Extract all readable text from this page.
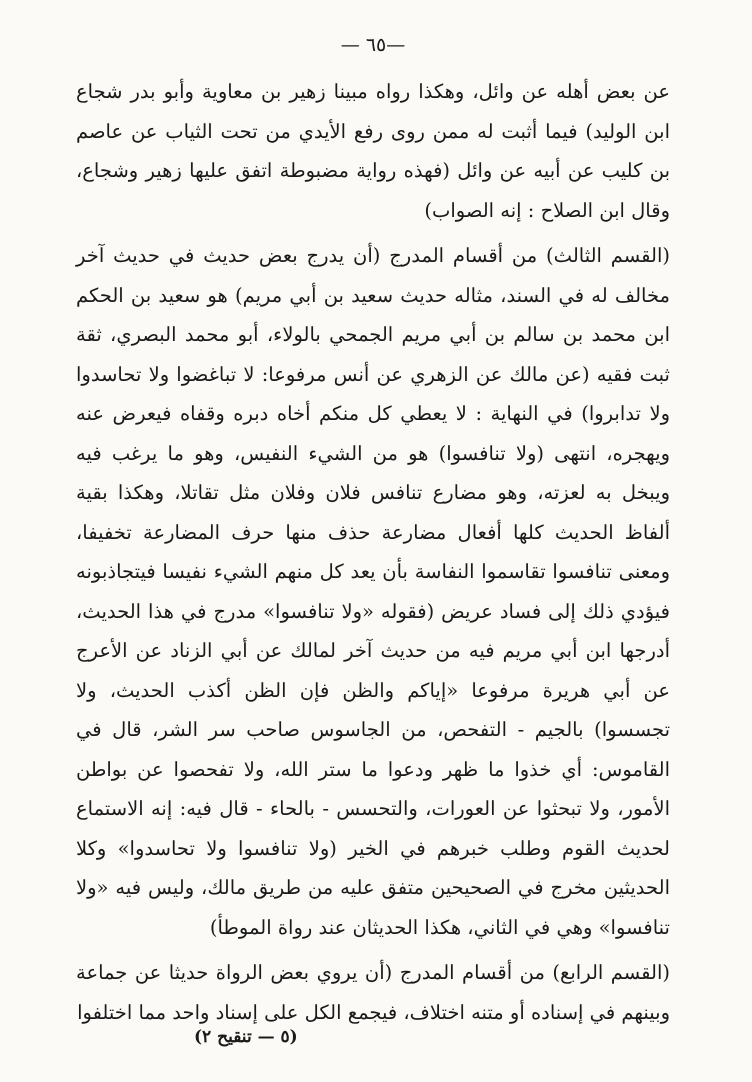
—٦٥ —

عن بعض أهله عن وائل، وهكذا رواه مبينا زهير بن معاوية وأبو بدر شجاع ابن الوليد) فيما أثبت له ممن روى رفع الأيدي من تحت الثياب عن عاصم بن كليب عن أبيه عن وائل (فهذه رواية مضبوطة اتفق عليها زهير وشجاع، وقال ابن الصلاح : إنه الصواب)

(القسم الثالث) من أقسام المدرج (أن يدرج بعض حديث في حديث آخر مخالف له في السند، مثاله حديث سعيد بن أبي مريم) هو سعيد بن الحكم ابن محمد بن سالم بن أبي مريم الجمحي بالولاء، أبو محمد البصري، ثقة ثبت فقيه (عن مالك عن الزهري عن أنس مرفوعا: لا تباغضوا ولا تحاسدوا ولا تدابروا) في النهاية : لا يعطي كل منكم أخاه دبره وقفاه فيعرض عنه ويهجره، انتهى (ولا تنافسوا) هو من الشيء النفيس، وهو ما يرغب فيه ويبخل به لعزته، وهو مضارع تنافس فلان وفلان مثل تقاتلا، وهكذا بقية ألفاظ الحديث كلها أفعال مضارعة حذف منها حرف المضارعة تخفيفا، ومعنى تنافسوا تقاسموا النفاسة بأن يعد كل منهم الشيء نفيسا فيتجاذبونه فيؤدي ذلك إلى فساد عريض (فقوله «ولا تنافسوا» مدرج في هذا الحديث، أدرجها ابن أبي مريم فيه من حديث آخر لمالك عن أبي الزناد عن الأعرج عن أبي هريرة مرفوعا «إياكم والظن فإن الظن أكذب الحديث، ولا تجسسوا) بالجيم - التفحص، من الجاسوس صاحب سر الشر، قال في القاموس: أي خذوا ما ظهر ودعوا ما ستر الله، ولا تفحصوا عن بواطن الأمور، ولا تبحثوا عن العورات، والتحسس - بالحاء - قال فيه: إنه الاستماع لحديث القوم وطلب خبرهم في الخير (ولا تنافسوا ولا تحاسدوا» وكلا الحديثين مخرج في الصحيحين متفق عليه من طريق مالك، وليس فيه «ولا تنافسوا» وهي في الثاني، هكذا الحديثان عند رواة الموطأ)

(القسم الرابع) من أقسام المدرج (أن يروي بعض الرواة حديثا عن جماعة وبينهم في إسناده أو متنه اختلاف، فيجمع الكل على إسناد واحد مما اختلفوا

(٥ — تنقيح ٢)
